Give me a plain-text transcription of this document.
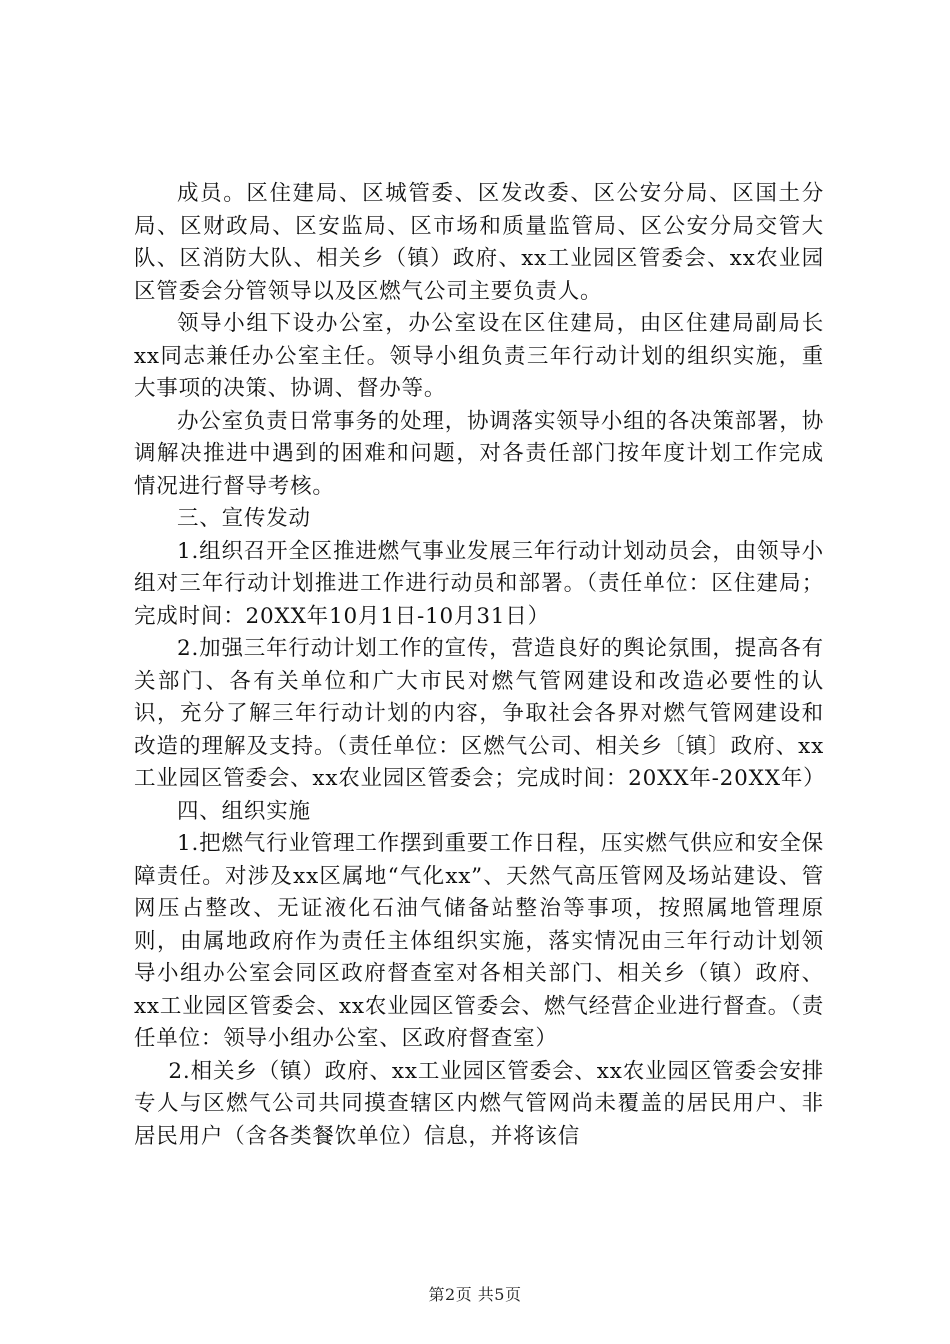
成员。区住建局、区城管委、区发改委、区公安分局、区国土分局、区财政局、区安监局、区市场和质量监管局、区公安分局交管大队、区消防大队、相关乡（镇）政府、xx工业园区管委会、xx农业园区管委会分管领导以及区燃气公司主要负责人。

领导小组下设办公室，办公室设在区住建局，由区住建局副局长xx同志兼任办公室主任。领导小组负责三年行动计划的组织实施，重大事项的决策、协调、督办等。

办公室负责日常事务的处理，协调落实领导小组的各决策部署，协调解决推进中遇到的困难和问题，对各责任部门按年度计划工作完成情况进行督导考核。

三、宣传发动

1.组织召开全区推进燃气事业发展三年行动计划动员会，由领导小组对三年行动计划推进工作进行动员和部署。（责任单位：区住建局；完成时间：20XX年10月1日-10月31日）

2.加强三年行动计划工作的宣传，营造良好的舆论氛围，提高各有关部门、各有关单位和广大市民对燃气管网建设和改造必要性的认识，充分了解三年行动计划的内容，争取社会各界对燃气管网建设和改造的理解及支持。（责任单位：区燃气公司、相关乡〔镇〕政府、xx工业园区管委会、xx农业园区管委会；完成时间：20XX年-20XX年）

四、组织实施

1.把燃气行业管理工作摆到重要工作日程，压实燃气供应和安全保障责任。对涉及xx区属地“气化xx”、天然气高压管网及场站建设、管网压占整改、无证液化石油气储备站整治等事项，按照属地管理原则，由属地政府作为责任主体组织实施，落实情况由三年行动计划领导小组办公室会同区政府督查室对各相关部门、相关乡（镇）政府、xx工业园区管委会、xx农业园区管委会、燃气经营企业进行督查。（责任单位：领导小组办公室、区政府督查室）

2.相关乡（镇）政府、xx工业园区管委会、xx农业园区管委会安排专人与区燃气公司共同摸查辖区内燃气管网尚未覆盖的居民用户、非居民用户（含各类餐饮单位）信息，并将该信

第2页 共5页
